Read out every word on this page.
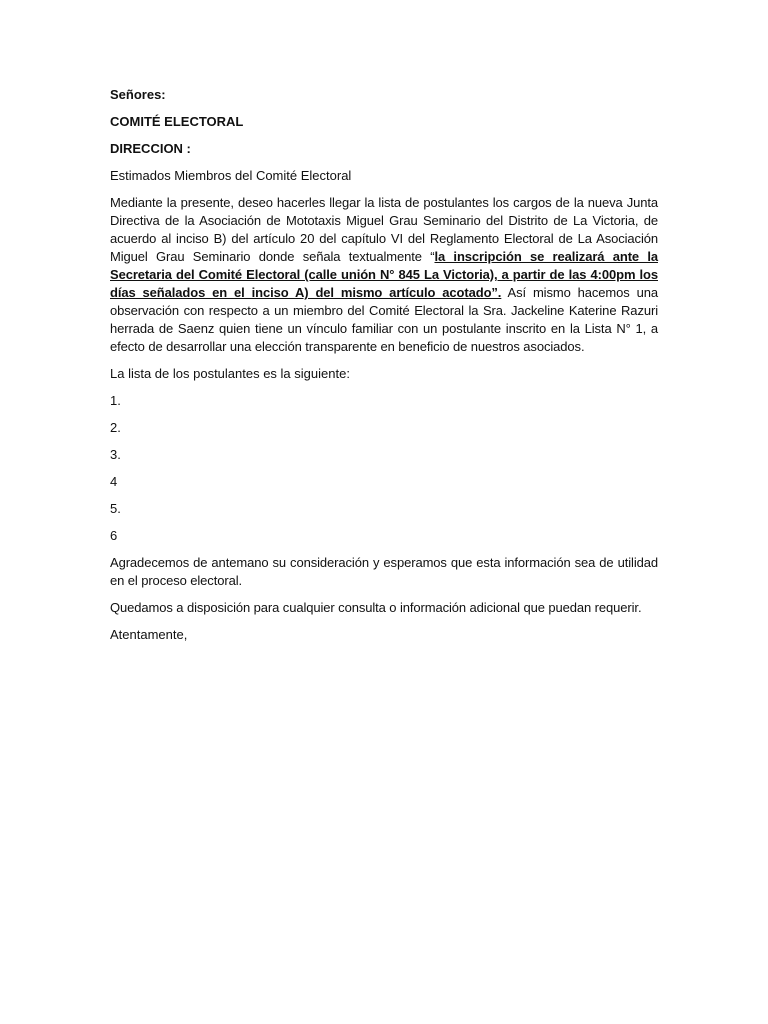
Señores:

COMITÉ ELECTORAL

DIRECCION :

Estimados Miembros del Comité Electoral

Mediante la presente, deseo hacerles llegar la lista de postulantes los cargos de la nueva Junta Directiva de la Asociación de Mototaxis Miguel Grau Seminario del Distrito de La Victoria, de acuerdo al inciso B) del artículo 20 del capítulo VI del Reglamento Electoral de La Asociación Miguel Grau Seminario donde señala textualmente “la inscripción se realizará ante la Secretaria del Comité Electoral (calle unión N° 845 La Victoria), a partir de las 4:00pm los días señalados en el inciso A) del mismo artículo acotado”. Así mismo hacemos una observación con respecto a un miembro del Comité Electoral la Sra. Jackeline Katerine Razuri herrada de Saenz quien tiene un vínculo familiar con un postulante inscrito en la Lista N° 1, a efecto de desarrollar una elección transparente en beneficio de nuestros asociados.

La lista de los postulantes es la siguiente:

1.

2.

3.

4

5.

6

Agradecemos de antemano su consideración y esperamos que esta información sea de utilidad en el proceso electoral.

Quedamos a disposición para cualquier consulta o información adicional que puedan requerir.

Atentamente,
